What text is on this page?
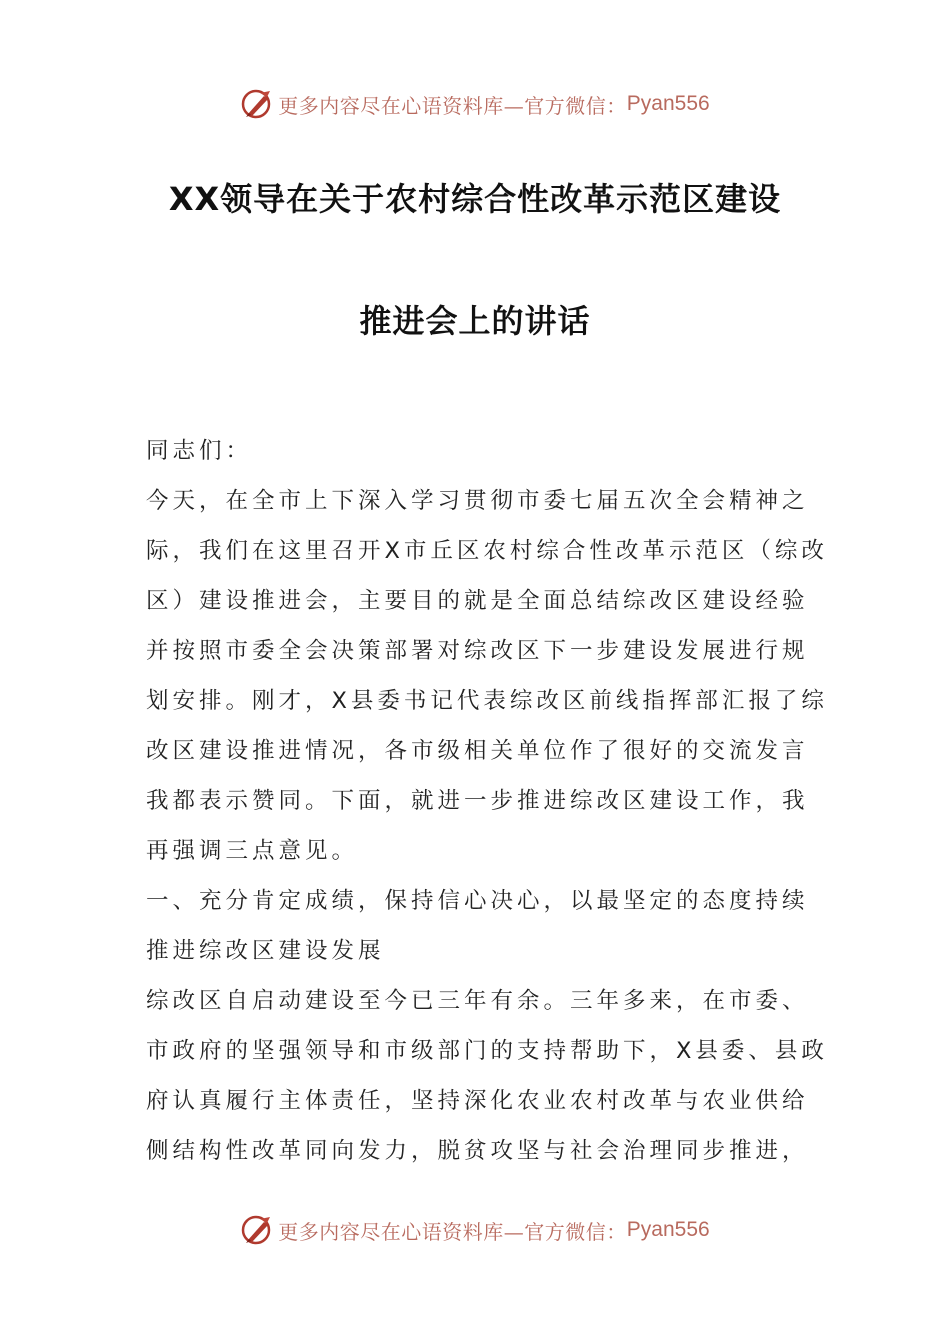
更多内容尽在心语资料库—官方微信： Pyan556
XX领导在关于农村综合性改革示范区建设
推进会上的讲话

同志们：

今天，在全市上下深入学习贯彻市委七届五次全会精神之

际，我们在这里召开X市丘区农村综合性改革示范区（综改

区）建设推进会，主要目的就是全面总结综改区建设经验

并按照市委全会决策部署对综改区下一步建设发展进行规

划安排。刚才，X县委书记代表综改区前线指挥部汇报了综

改区建设推进情况，各市级相关单位作了很好的交流发言

我都表示赞同。下面，就进一步推进综改区建设工作，我

再强调三点意见。

一、充分肯定成绩，保持信心决心，以最坚定的态度持续

推进综改区建设发展

综改区自启动建设至今已三年有余。三年多来，在市委、

市政府的坚强领导和市级部门的支持帮助下，X县委、县政

府认真履行主体责任，坚持深化农业农村改革与农业供给

侧结构性改革同向发力，脱贫攻坚与社会治理同步推进，

更多内容尽在心语资料库—官方微信： Pyan556
